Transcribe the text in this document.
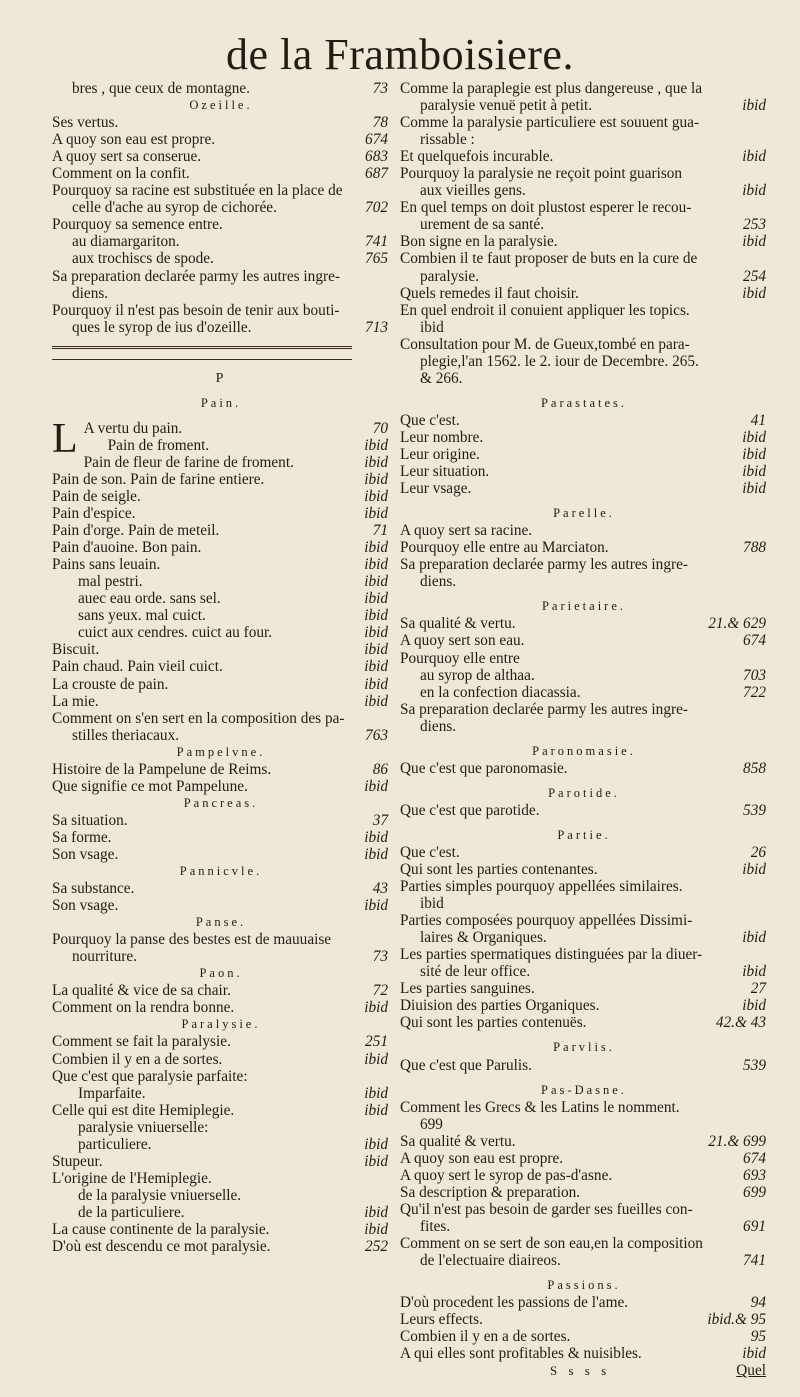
de la Framboisiere.
bres , que ceux de montagne.	73
Ozeille.
Ses vertus.	78
A quoy son eau est propre.	674
A quoy sert sa conserue.	683
Comment on la confit.	687
Pourquoy sa racine est substituée en la place de
celle d'ache au syrop de cichorée.	702
Pourquoy sa semence entre.
au diamargariton.	741
aux trochiscs de spode.	765
Sa preparation declarée parmy les autres ingre-
diens.
Pourquoy il n'est pas besoin de tenir aux bouti-
ques le syrop de ius d'ozeille.	713
P
Pain.
L A vertu du pain.	70
Pain de froment.	ibid
Pain de fleur de farine de froment.	ibid
Pain de son. Pain de farine entiere.	ibid
Pain de seigle.	ibid
Pain d'espice.	ibid
Pain d'orge. Pain de meteil.	71
Pain d'auoine. Bon pain.	ibid
Pains sans leuain.	ibid
mal pestri.	ibid
auec eau orde. sans sel.	ibid
sans yeux. mal cuict.	ibid
cuict aux cendres. cuict au four.	ibid
Biscuit.	ibid
Pain chaud. Pain vieil cuict.	ibid
La crouste de pain.	ibid
La mie.	ibid
Comment on s'en sert en la composition des pa-
stilles theriacaux.	763
Pampelvne.
Histoire de la Pampelune de Reims.	86
Que signifie ce mot Pampelune.	ibid
Pancreas.
Sa situation.	37
Sa forme.	ibid
Son vsage.	ibid
Pannicvle.
Sa substance.	43
Son vsage.	ibid
Panse.
Pourquoy la panse des bestes est de mauuaise
nourriture.	73
Paon.
La qualité & vice de sa chair.	72
Comment on la rendra bonne.	ibid
Paralysie.
Comment se fait la paralysie.	251
Combien il y en a de sortes.	ibid
Que c'est que paralysie parfaite:
Imparfaite.	ibid
Celle qui est dite Hemiplegie.	ibid
paralysie vniuerselle:
particuliere.	ibid
Stupeur.	ibid
L'origine de l'Hemiplegie.
de la paralysie vniuerselle.
de la particuliere.	ibid
La cause continente de la paralysie.	ibid
D'où est descendu ce mot paralysie.	252
Comme la paraplegie est plus dangereuse , que la
paralysie venuë petit à petit.	ibid
Comme la paralysie particuliere est souuent gua-
rissable :
Et quelquefois incurable.	ibid
Pourquoy la paralysie ne reçoit point guarison
aux vieilles gens.	ibid
En quel temps on doit plustost esperer le recou-
urement de sa santé.	253
Bon signe en la paralysie.	ibid
Combien il te faut proposer de buts en la cure de
paralysie.	254
Quels remedes il faut choisir.	ibid
En quel endroit il conuient appliquer les topics.
ibid
Consultation pour M. de Gueux,tombé en para-
plegie,l'an 1562. le 2. iour de Decembre. 265.
& 266.
Parastates.
Que c'est.	41
Leur nombre.	ibid
Leur origine.	ibid
Leur situation.	ibid
Leur vsage.	ibid
Parelle.
A quoy sert sa racine.
Pourquoy elle entre au Marciaton.	788
Sa preparation declarée parmy les autres ingre-
diens.
Parietaire.
Sa qualité & vertu.	21.& 629
A quoy sert son eau.	674
Pourquoy elle entre
au syrop de althaa.	703
en la confection diacassia.	722
Sa preparation declarée parmy les autres ingre-
diens.
Paronomasie.
Que c'est que paronomasie.	858
Parotide.
Que c'est que parotide.	539
Partie.
Que c'est.	26
Qui sont les parties contenantes.	ibid
Parties simples pourquoy appellées similaires.
ibid
Parties composées pourquoy appellées Dissimi-
laires & Organiques.	ibid
Les parties spermatiques distinguées par la diuer-
sité de leur office.	ibid
Les parties sanguines.	27
Diuision des parties Organiques.	ibid
Qui sont les parties contenuës.	42.& 43
Parvlis.
Que c'est que Parulis.	539
Pas-Dasne.
Comment les Grecs & les Latins le nomment.
699
Sa qualité & vertu.	21.& 699
A quoy son eau est propre.	674
A quoy sert le syrop de pas-d'asne.	693
Sa description & preparation.	699
Qu'il n'est pas besoin de garder ses fueilles con-
fites.	691
Comment on se sert de son eau,en la composition
de l'electuaire diaireos.	741
Passions.
D'où procedent les passions de l'ame.	94
Leurs effects.	ibid.& 95
Combien il y en a de sortes.	95
A qui elles sont profitables & nuisibles.	ibid
S s s s	Quel
